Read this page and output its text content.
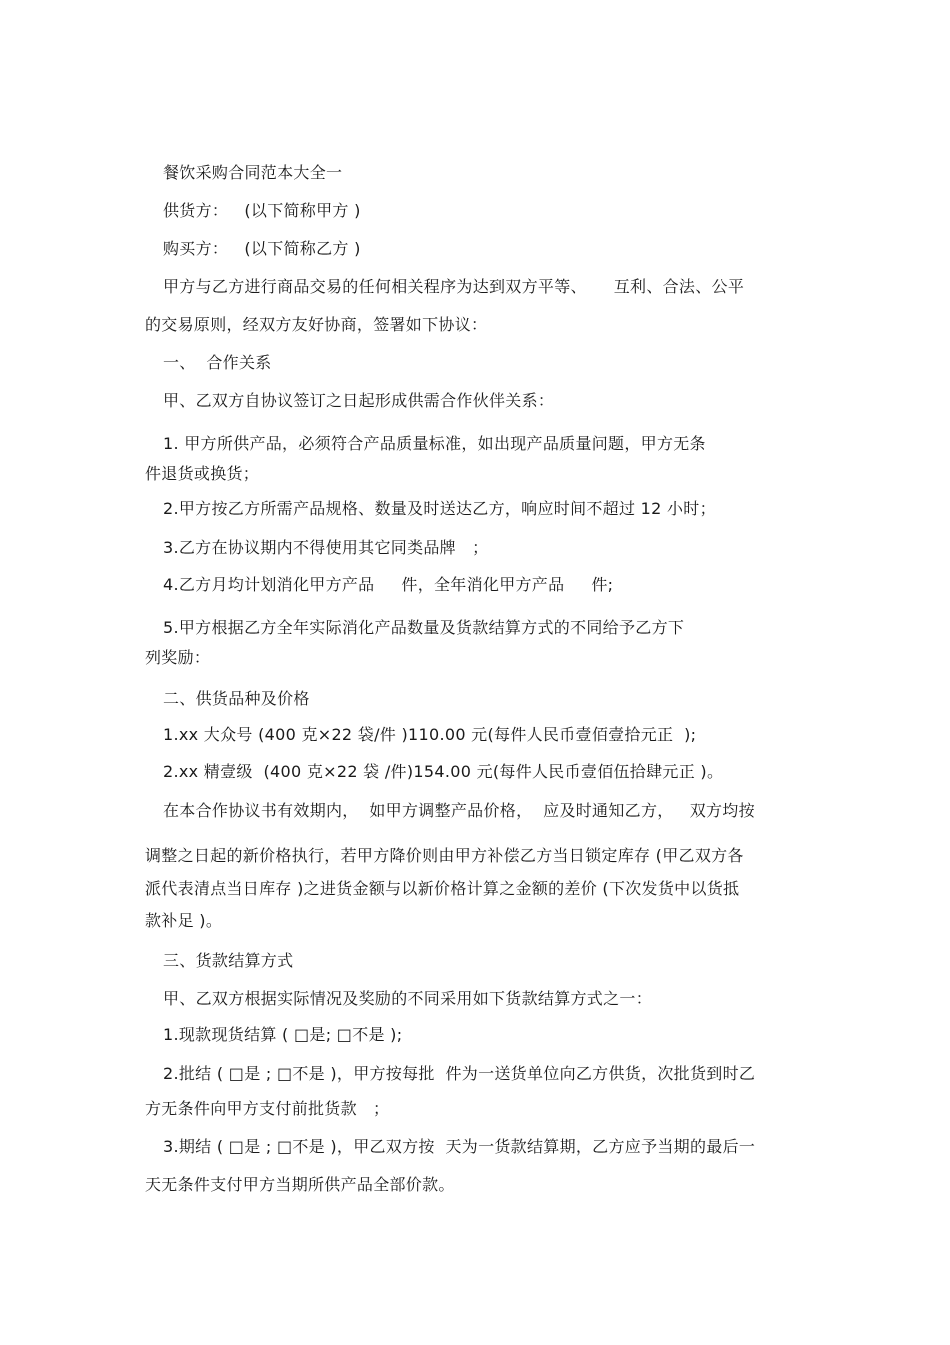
餐饮采购合同范本大全一
供货方：   (以下简称甲方 )
购买方：   (以下简称乙方 )
甲方与乙方进行商品交易的任何相关程序为达到双方平等、     互利、合法、公平
的交易原则，经双方友好协商，签署如下协议：
一、  合作关系
甲、乙双方自协议签订之日起形成供需合作伙伴关系：
1. 甲方所供产品，必须符合产品质量标准，如出现产品质量问题，甲方无条
件退货或换货；
2.甲方按乙方所需产品规格、数量及时送达乙方，响应时间不超过 12 小时；
3.乙方在协议期内不得使用其它同类品牌   ；
4.乙方月均计划消化甲方产品     件，全年消化甲方产品     件;
5.甲方根据乙方全年实际消化产品数量及货款结算方式的不同给予乙方下
列奖励：
二、供货品种及价格
1.xx 大众号 (400 克×22 袋/件 )110.00 元(每件人民币壹佰壹拾元正  );
2.xx 精壹级  (400 克×22 袋 /件)154.00 元(每件人民币壹佰伍拾肆元正 )。
在本合作协议书有效期内，  如甲方调整产品价格，  应及时通知乙方，   双方均按
调整之日起的新价格执行，若甲方降价则由甲方补偿乙方当日锁定库存 (甲乙双方各
派代表清点当日库存 )之进货金额与以新价格计算之金额的差价 (下次发货中以货抵
款补足 )。
三、货款结算方式
甲、乙双方根据实际情况及奖励的不同采用如下货款结算方式之一：
1.现款现货结算 ( □是; □不是 );
2.批结 ( □是 ; □不是 )，甲方按每批  件为一送货单位向乙方供货，次批货到时乙
方无条件向甲方支付前批货款   ；
3.期结 ( □是 ; □不是 )，甲乙双方按  天为一货款结算期，乙方应予当期的最后一
天无条件支付甲方当期所供产品全部价款。
